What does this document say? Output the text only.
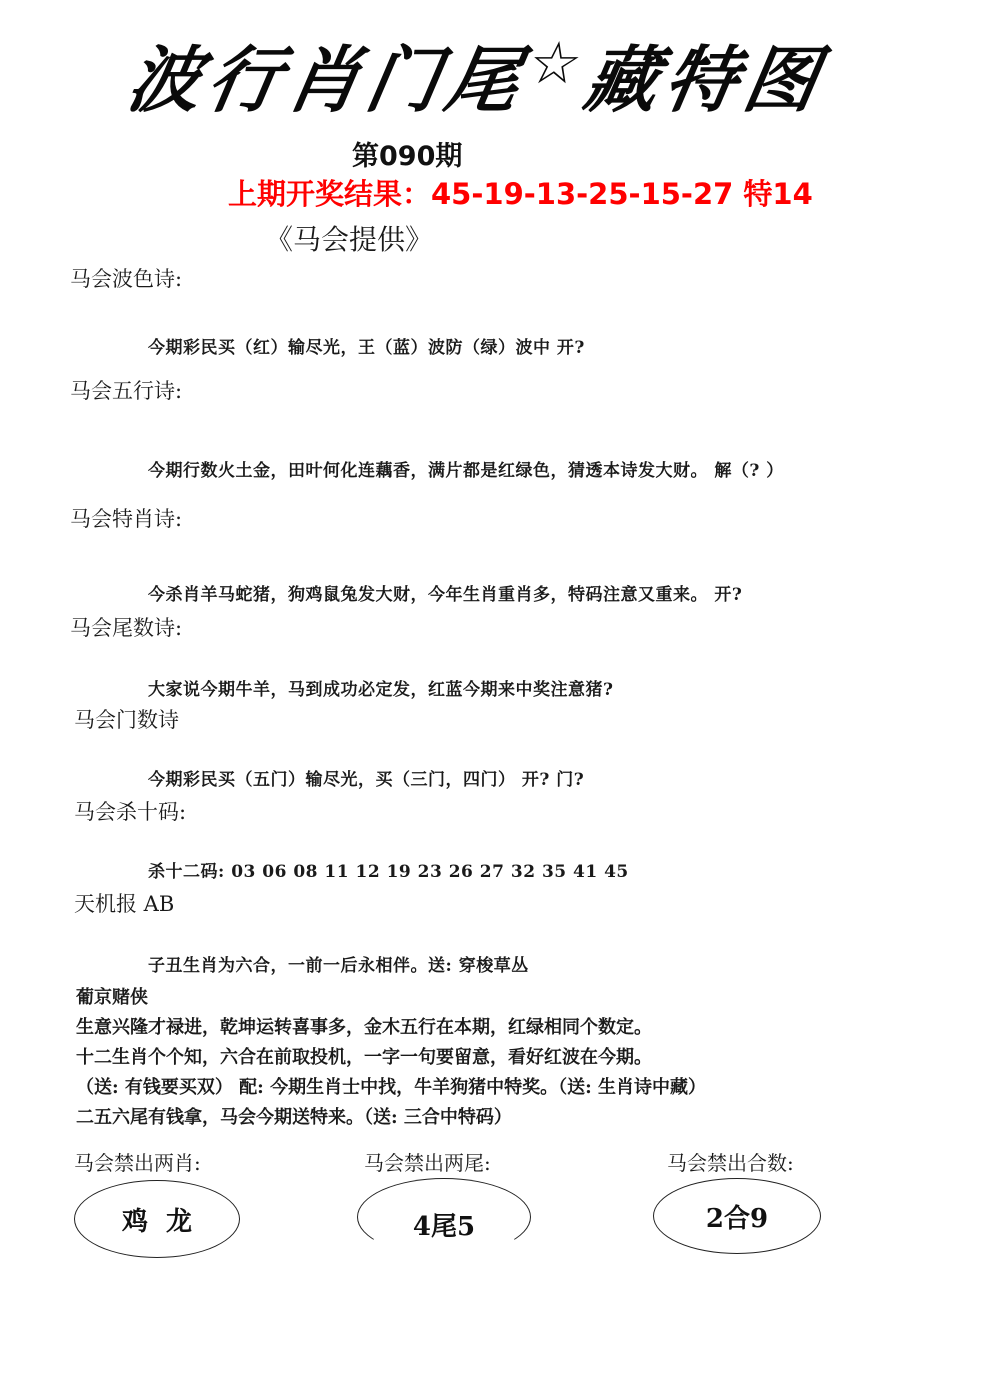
波
行
肖
门
尾
☆
藏
特
图
第090期
上期开奖结果：45-19-13-25-15-27 特14
《马会提供》
马会波色诗:
今期彩民买（红）输尽光，王（蓝）波防（绿）波中 开?
马会五行诗:
今期行数火土金，田叶何化连藕香，满片都是红绿色，猜透本诗发大财。 解（? ）
马会特肖诗:
今杀肖羊马蛇猪，狗鸡鼠兔发大财，今年生肖重肖多，特码注意又重来。 开?
马会尾数诗:
大家说今期牛羊，马到成功必定发，红蓝今期来中奖注意猪?
马会门数诗
今期彩民买（五门）输尽光，买（三门，四门） 开? 门?
马会杀十码:
杀十二码: 03 06 08 11 12 19 23 26 27 32 35 41 45
天机报 AB
子丑生肖为六合，一前一后永相伴。送: 穿梭草丛
葡京赌侠
生意兴隆才禄进，乾坤运转喜事多，金木五行在本期，红绿相同个数定。
十二生肖个个知，六合在前取投机，一字一句要留意，看好红波在今期。
（送: 有钱要买双） 配: 今期生肖士中找，牛羊狗猪中特奖。（送: 生肖诗中藏）
二五六尾有钱拿，马会今期送特来。（送: 三合中特码）
马会禁出两肖:
鸡  龙
马会禁出两尾:
4尾5
马会禁出合数:
2合9
